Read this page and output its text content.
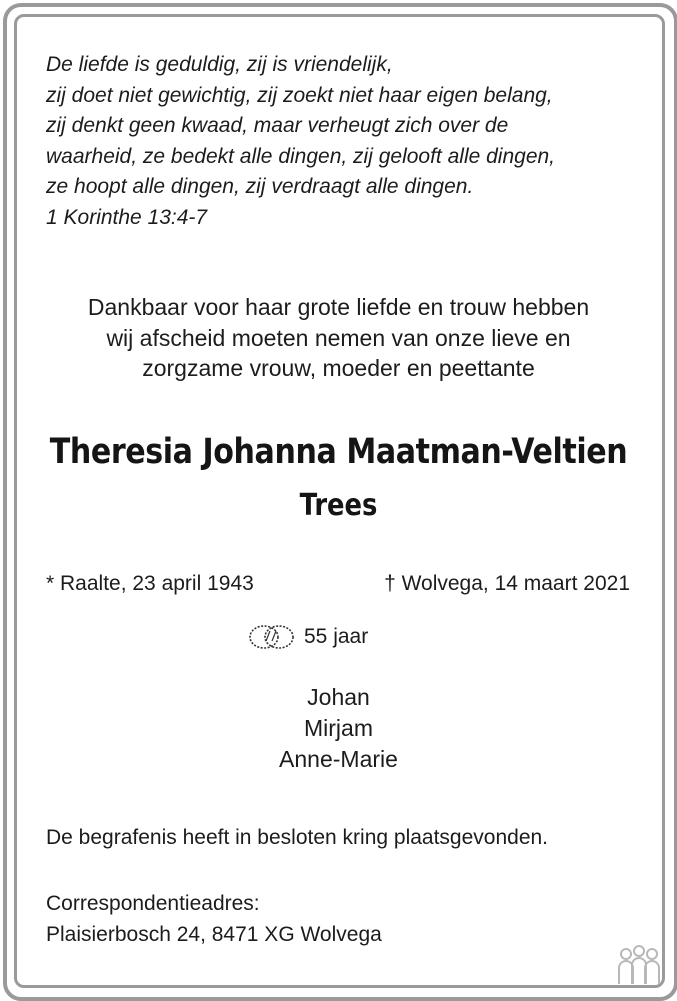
De liefde is geduldig, zij is vriendelijk,
zij doet niet gewichtig, zij zoekt niet haar eigen belang,
zij denkt geen kwaad, maar verheugt zich over de
waarheid, ze bedekt alle dingen, zij gelooft alle dingen,
ze hoopt alle dingen, zij verdraagt alle dingen.
1 Korinthe 13:4-7
Dankbaar voor haar grote liefde en trouw hebben
wij afscheid moeten nemen van onze lieve en
zorgzame vrouw, moeder en peettante
Theresia Johanna Maatman-Veltien
Trees
* Raalte, 23 april 1943	† Wolvega, 14 maart 2021
55 jaar
Johan
Mirjam
Anne-Marie
De begrafenis heeft in besloten kring plaatsgevonden.
Correspondentieadres:
Plaisierbosch 24, 8471 XG Wolvega
